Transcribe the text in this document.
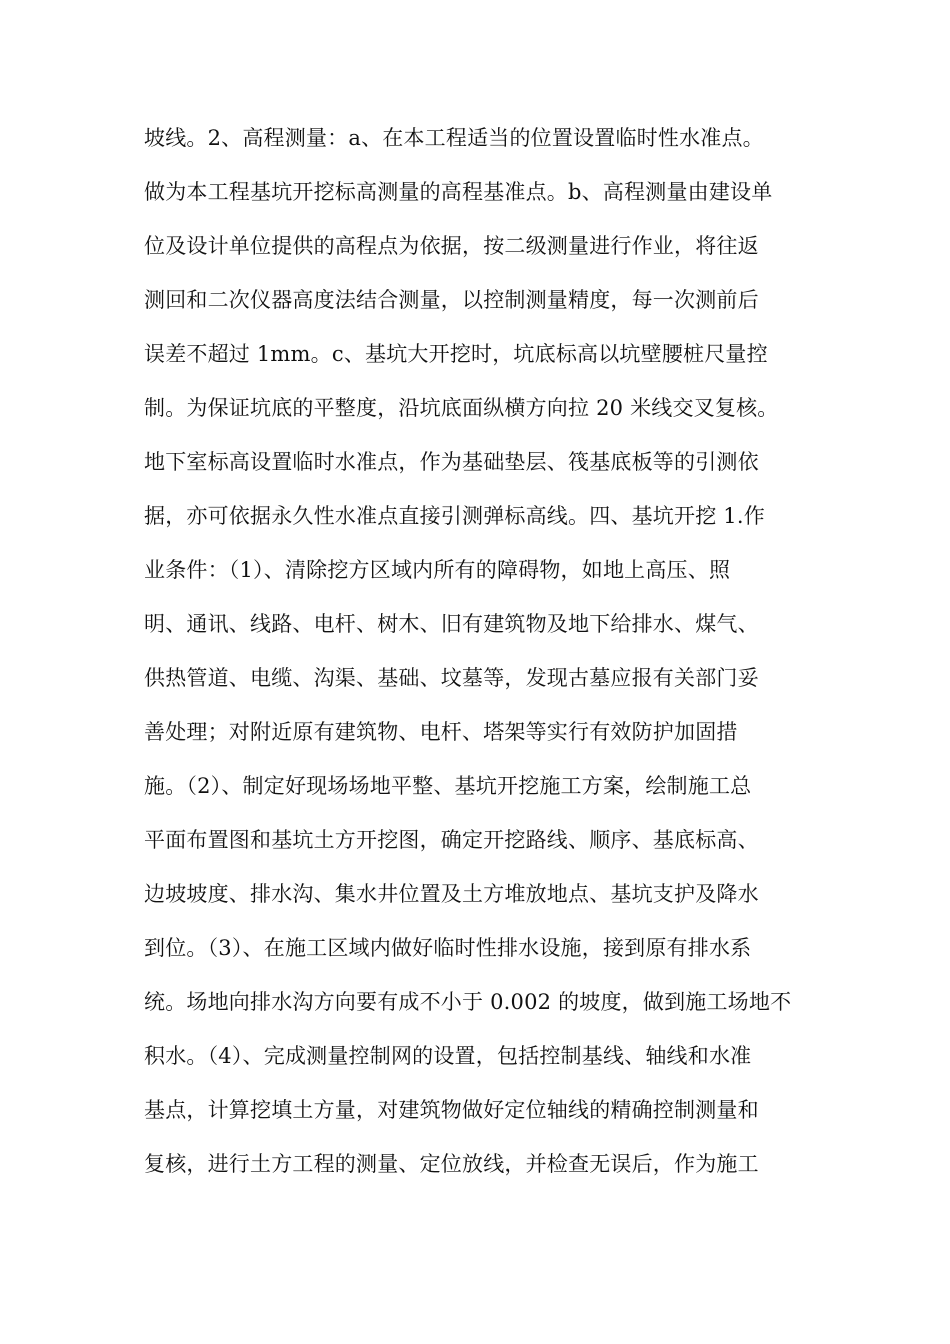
坡线。2、高程测量：a、在本工程适当的位置设置临时性水准点。
做为本工程基坑开挖标高测量的高程基准点。b、高程测量由建设单
位及设计单位提供的高程点为依据，按二级测量进行作业，将往返
测回和二次仪器高度法结合测量，以控制测量精度，每一次测前后
误差不超过 1mm。c、基坑大开挖时，坑底标高以坑壁腰桩尺量控
制。为保证坑底的平整度，沿坑底面纵横方向拉 20 米线交叉复核。
地下室标高设置临时水准点，作为基础垫层、筏基底板等的引测依
据，亦可依据永久性水准点直接引测弹标高线。四、基坑开挖 1.作
业条件：（1）、清除挖方区域内所有的障碍物，如地上高压、照
明、通讯、线路、电杆、树木、旧有建筑物及地下给排水、煤气、
供热管道、电缆、沟渠、基础、坟墓等，发现古墓应报有关部门妥
善处理；对附近原有建筑物、电杆、塔架等实行有效防护加固措
施。（2）、制定好现场场地平整、基坑开挖施工方案，绘制施工总
平面布置图和基坑土方开挖图，确定开挖路线、顺序、基底标高、
边坡坡度、排水沟、集水井位置及土方堆放地点、基坑支护及降水
到位。（3）、在施工区域内做好临时性排水设施，接到原有排水系
统。场地向排水沟方向要有成不小于 0.002 的坡度，做到施工场地不
积水。（4）、完成测量控制网的设置，包括控制基线、轴线和水准
基点，计算挖填土方量，对建筑物做好定位轴线的精确控制测量和
复核，进行土方工程的测量、定位放线，并检查无误后，作为施工
